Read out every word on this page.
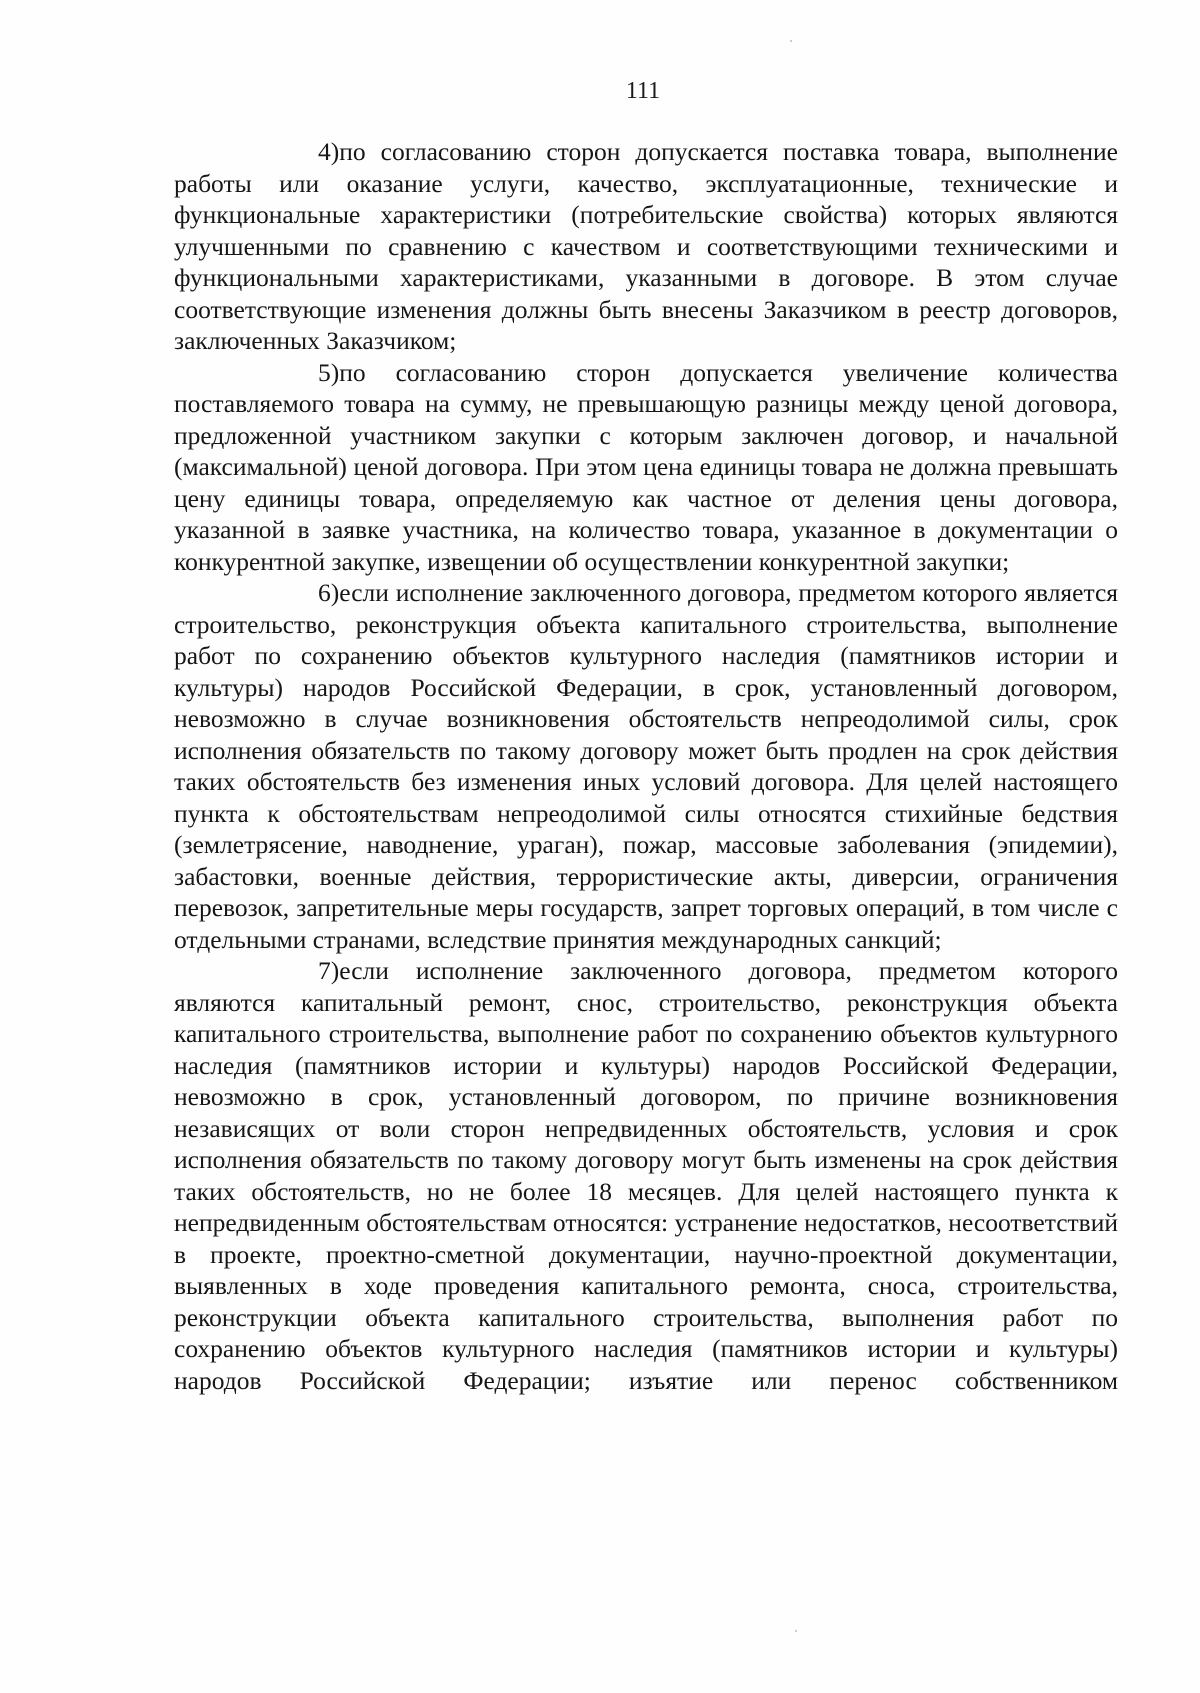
111

4)по согласованию сторон допускается поставка товара, выполнение работы или оказание услуги, качество, эксплуатационные, технические и функциональные характеристики (потребительские свойства) которых являются улучшенными по сравнению с качеством и соответствующими техническими и функциональными характеристиками, указанными в договоре. В этом случае соответствующие изменения должны быть внесены Заказчиком в реестр договоров, заключенных Заказчиком;

5)по согласованию сторон допускается увеличение количества поставляемого товара на сумму, не превышающую разницы между ценой договора, предложенной участником закупки с которым заключен договор, и начальной (максимальной) ценой договора. При этом цена единицы товара не должна превышать цену единицы товара, определяемую как частное от деления цены договора, указанной в заявке участника, на количество товара, указанное в документации о конкурентной закупке, извещении об осуществлении конкурентной закупки;

6)если исполнение заключенного договора, предметом которого является строительство, реконструкция объекта капитального строительства, выполнение работ по сохранению объектов культурного наследия (памятников истории и культуры) народов Российской Федерации, в срок, установленный договором, невозможно в случае возникновения обстоятельств непреодолимой силы, срок исполнения обязательств по такому договору может быть продлен на срок действия таких обстоятельств без изменения иных условий договора. Для целей настоящего пункта к обстоятельствам непреодолимой силы относятся стихийные бедствия (землетрясение, наводнение, ураган), пожар, массовые заболевания (эпидемии), забастовки, военные действия, террористические акты, диверсии, ограничения перевозок, запретительные меры государств, запрет торговых операций, в том числе с отдельными странами, вследствие принятия международных санкций;

7)если исполнение заключенного договора, предметом которого являются капитальный ремонт, снос, строительство, реконструкция объекта капитального строительства, выполнение работ по сохранению объектов культурного наследия (памятников истории и культуры) народов Российской Федерации, невозможно в срок, установленный договором, по причине возникновения независящих от воли сторон непредвиденных обстоятельств, условия и срок исполнения обязательств по такому договору могут быть изменены на срок действия таких обстоятельств, но не более 18 месяцев. Для целей настоящего пункта к непредвиденным обстоятельствам относятся: устранение недостатков, несоответствий в проекте, проектно-сметной документации, научно-проектной документации, выявленных в ходе проведения капитального ремонта, сноса, строительства, реконструкции объекта капитального строительства, выполнения работ по сохранению объектов культурного наследия (памятников истории и культуры) народов Российской Федерации; изъятие или перенос собственником
